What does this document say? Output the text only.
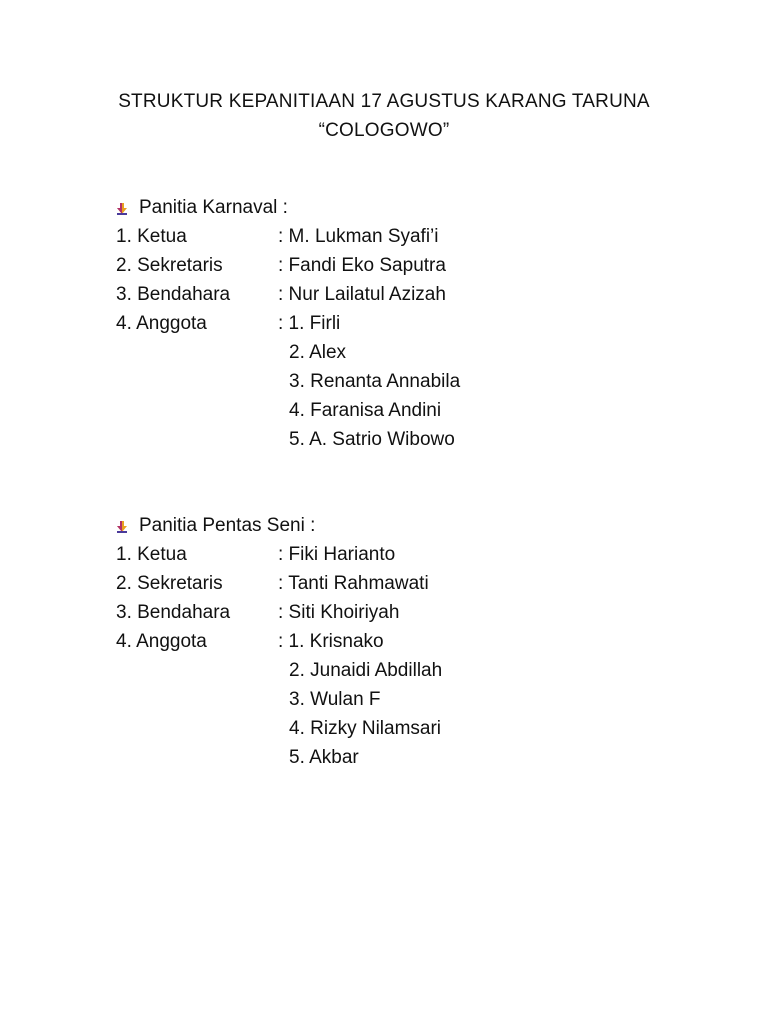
STRUKTUR KEPANITIAAN 17 AGUSTUS KARANG TARUNA
“COLOGOWO”
Panitia Karnaval :
1. Ketua	: M. Lukman Syafi’i
2. Sekretaris	: Fandi Eko Saputra
3. Bendahara	: Nur Lailatul Azizah
4. Anggota	: 1. Firli
2. Alex
3. Renanta Annabila
4. Faranisa Andini
5. A. Satrio Wibowo
Panitia Pentas Seni :
1. Ketua	: Fiki Harianto
2. Sekretaris	: Tanti Rahmawati
3. Bendahara	: Siti Khoiriyah
4. Anggota	: 1. Krisnako
2. Junaidi Abdillah
3. Wulan F
4. Rizky Nilamsari
5. Akbar
